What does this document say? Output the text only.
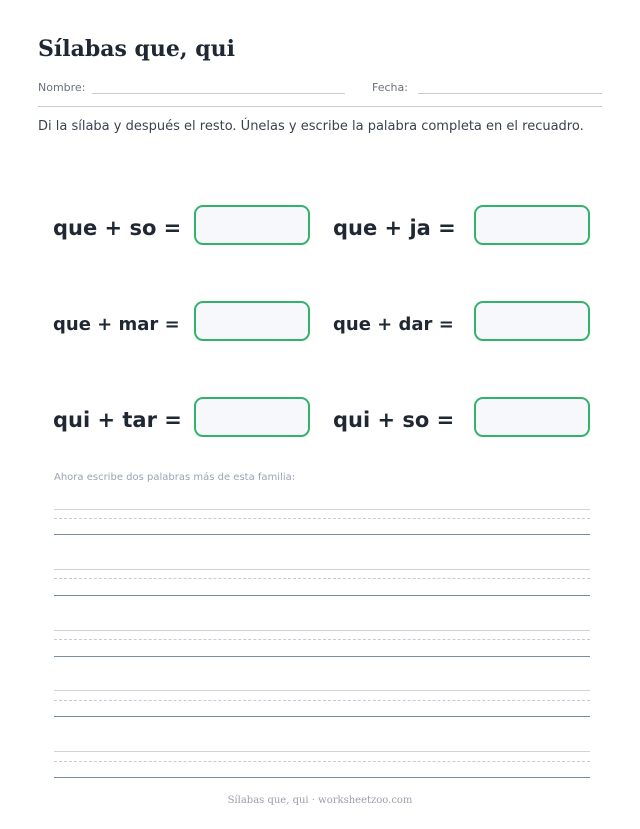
Sílabas que, qui
Nombre:	Fecha:
Di la sílaba y después el resto. Únelas y escribe la palabra completa en el recuadro.
que + so =	que + ja =
que + mar =	que + dar =
qui + tar =	qui + so =
Ahora escribe dos palabras más de esta familia:
Sílabas que, qui · worksheetzoo.com
